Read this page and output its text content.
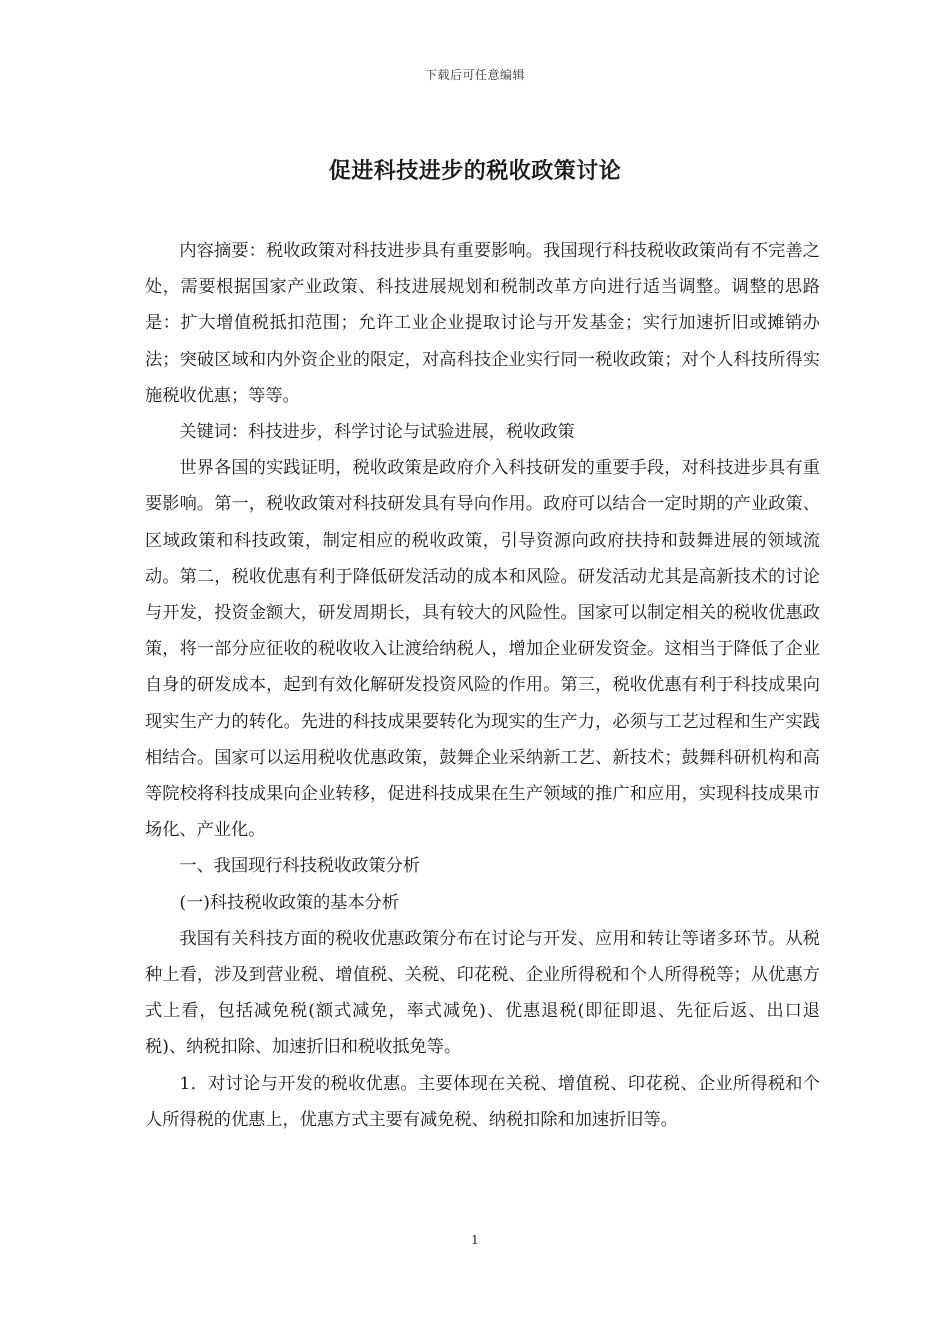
下载后可任意编辑
促进科技进步的税收政策讨论

内容摘要：税收政策对科技进步具有重要影响。我国现行科技税收政策尚有不完善之处，需要根据国家产业政策、科技进展规划和税制改革方向进行适当调整。调整的思路是：扩大增值税抵扣范围；允许工业企业提取讨论与开发基金；实行加速折旧或摊销办法；突破区域和内外资企业的限定，对高科技企业实行同一税收政策；对个人科技所得实施税收优惠；等等。

关键词：科技进步，科学讨论与试验进展，税收政策

世界各国的实践证明，税收政策是政府介入科技研发的重要手段，对科技进步具有重要影响。第一，税收政策对科技研发具有导向作用。政府可以结合一定时期的产业政策、区域政策和科技政策，制定相应的税收政策，引导资源向政府扶持和鼓舞进展的领域流动。第二，税收优惠有利于降低研发活动的成本和风险。研发活动尤其是高新技术的讨论与开发，投资金额大，研发周期长，具有较大的风险性。国家可以制定相关的税收优惠政策，将一部分应征收的税收收入让渡给纳税人，增加企业研发资金。这相当于降低了企业自身的研发成本，起到有效化解研发投资风险的作用。第三，税收优惠有利于科技成果向现实生产力的转化。先进的科技成果要转化为现实的生产力，必须与工艺过程和生产实践相结合。国家可以运用税收优惠政策，鼓舞企业采纳新工艺、新技术；鼓舞科研机构和高等院校将科技成果向企业转移，促进科技成果在生产领域的推广和应用，实现科技成果市场化、产业化。

一、我国现行科技税收政策分析

(一)科技税收政策的基本分析

我国有关科技方面的税收优惠政策分布在讨论与开发、应用和转让等诸多环节。从税种上看，涉及到营业税、增值税、关税、印花税、企业所得税和个人所得税等；从优惠方式上看，包括减免税(额式减免，率式减免)、优惠退税(即征即退、先征后返、出口退税)、纳税扣除、加速折旧和税收抵免等。

1．对讨论与开发的税收优惠。主要体现在关税、增值税、印花税、企业所得税和个人所得税的优惠上，优惠方式主要有减免税、纳税扣除和加速折旧等。

1
